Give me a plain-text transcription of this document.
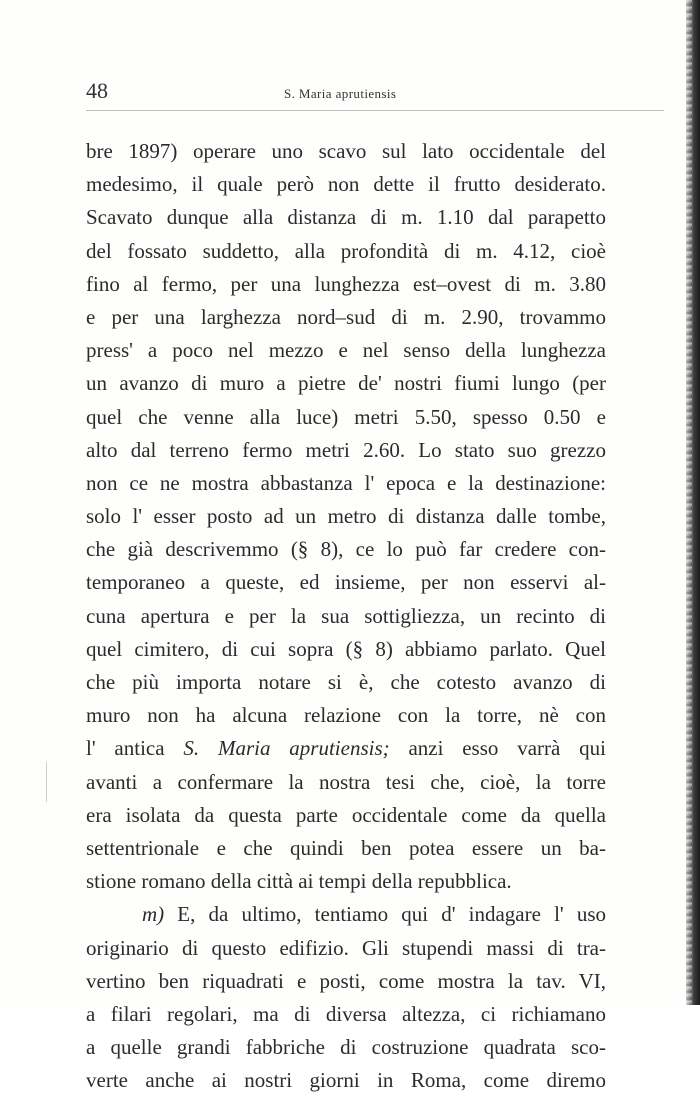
48	S. Maria aprutiensis
bre 1897) operare uno scavo sul lato occidentale del
medesimo, il quale però non dette il frutto desiderato.
Scavato dunque alla distanza di m. 1.10 dal parapetto
del fossato suddetto, alla profondità di m. 4.12, cioè
fino al fermo, per una lunghezza est–ovest di m. 3.80
e per una larghezza nord–sud di m. 2.90, trovammo
press' a poco nel mezzo e nel senso della lunghezza
un avanzo di muro a pietre de' nostri fiumi lungo (per
quel che venne alla luce) metri 5.50, spesso 0.50 e
alto dal terreno fermo metri 2.60. Lo stato suo grezzo
non ce ne mostra abbastanza l' epoca e la destinazione:
solo l' esser posto ad un metro di distanza dalle tombe,
che già descrivemmo (§ 8), ce lo può far credere con-
temporaneo a queste, ed insieme, per non esservi al-
cuna apertura e per la sua sottigliezza, un recinto di
quel cimitero, di cui sopra (§ 8) abbiamo parlato. Quel
che più importa notare si è, che cotesto avanzo di
muro non ha alcuna relazione con la torre, nè con
l' antica S. Maria aprutiensis; anzi esso varrà qui
avanti a confermare la nostra tesi che, cioè, la torre
era isolata da questa parte occidentale come da quella
settentrionale e che quindi ben potea essere un ba-
stione romano della città ai tempi della repubblica.
m) E, da ultimo, tentiamo qui d' indagare l' uso
originario di questo edifizio. Gli stupendi massi di tra-
vertino ben riquadrati e posti, come mostra la tav. VI,
a filari regolari, ma di diversa altezza, ci richiamano
a quelle grandi fabbriche di costruzione quadrata sco-
verte anche ai nostri giorni in Roma, come diremo
